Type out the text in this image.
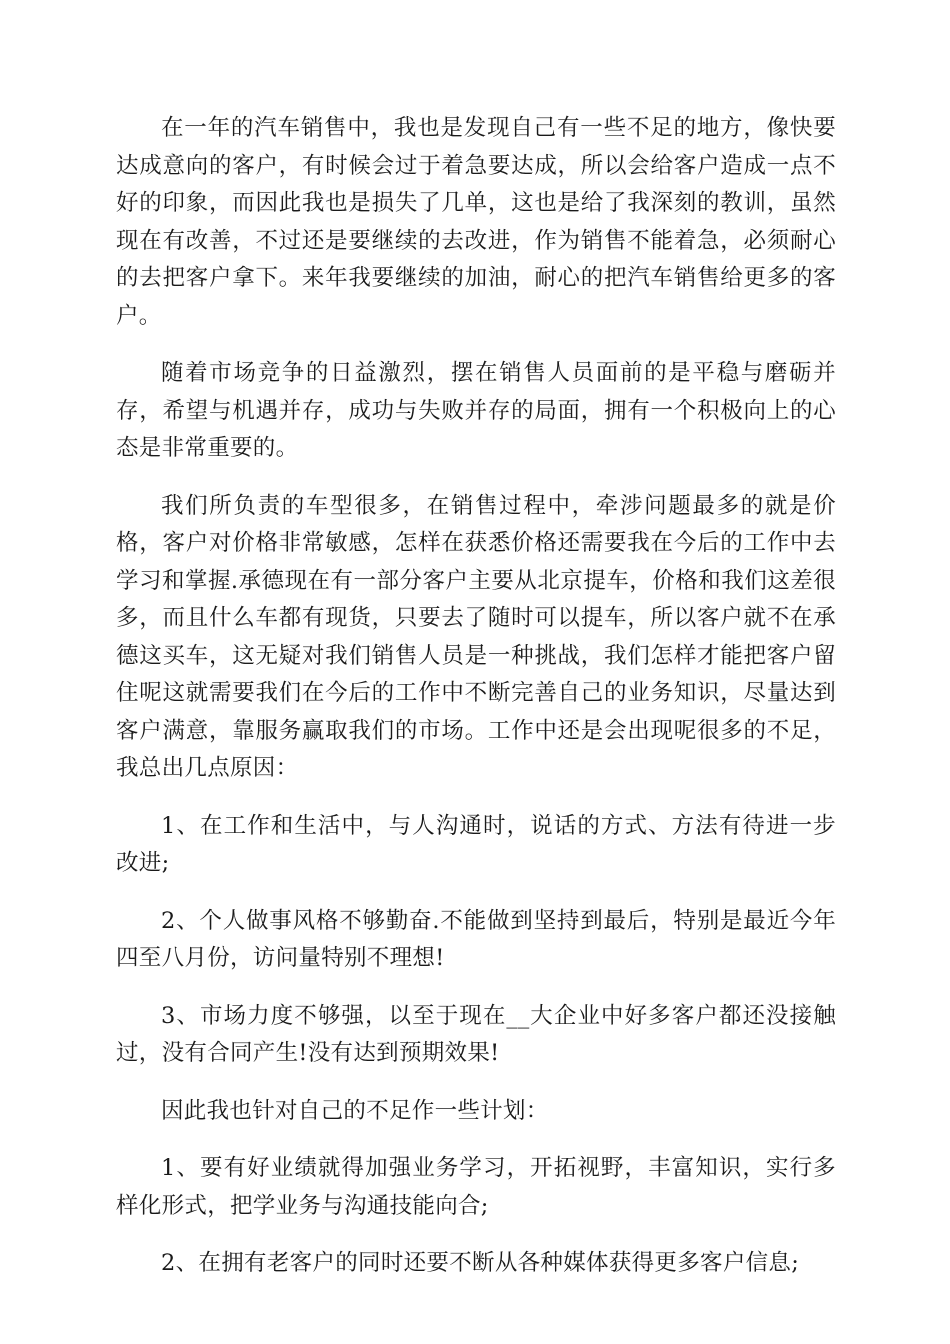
在一年的汽车销售中，我也是发现自己有一些不足的地方，像快要达成意向的客户，有时候会过于着急要达成，所以会给客户造成一点不好的印象，而因此我也是损失了几单，这也是给了我深刻的教训，虽然现在有改善，不过还是要继续的去改进，作为销售不能着急，必须耐心的去把客户拿下。来年我要继续的加油，耐心的把汽车销售给更多的客户。

随着市场竞争的日益激烈，摆在销售人员面前的是平稳与磨砺并存，希望与机遇并存，成功与失败并存的局面，拥有一个积极向上的心态是非常重要的。

我们所负责的车型很多，在销售过程中，牵涉问题最多的就是价格，客户对价格非常敏感，怎样在获悉价格还需要我在今后的工作中去学习和掌握.承德现在有一部分客户主要从北京提车，价格和我们这差很多，而且什么车都有现货，只要去了随时可以提车，所以客户就不在承德这买车，这无疑对我们销售人员是一种挑战，我们怎样才能把客户留住呢这就需要我们在今后的工作中不断完善自己的业务知识，尽量达到客户满意，靠服务赢取我们的市场。工作中还是会出现呢很多的不足，我总出几点原因：

1、在工作和生活中，与人沟通时，说话的方式、方法有待进一步改进;

2、个人做事风格不够勤奋.不能做到坚持到最后，特别是最近今年四至八月份，访问量特别不理想!

3、市场力度不够强，以至于现在__大企业中好多客户都还没接触过，没有合同产生!没有达到预期效果!

因此我也针对自己的不足作一些计划：

1、要有好业绩就得加强业务学习，开拓视野，丰富知识，实行多样化形式，把学业务与沟通技能向合;

2、在拥有老客户的同时还要不断从各种媒体获得更多客户信息;
